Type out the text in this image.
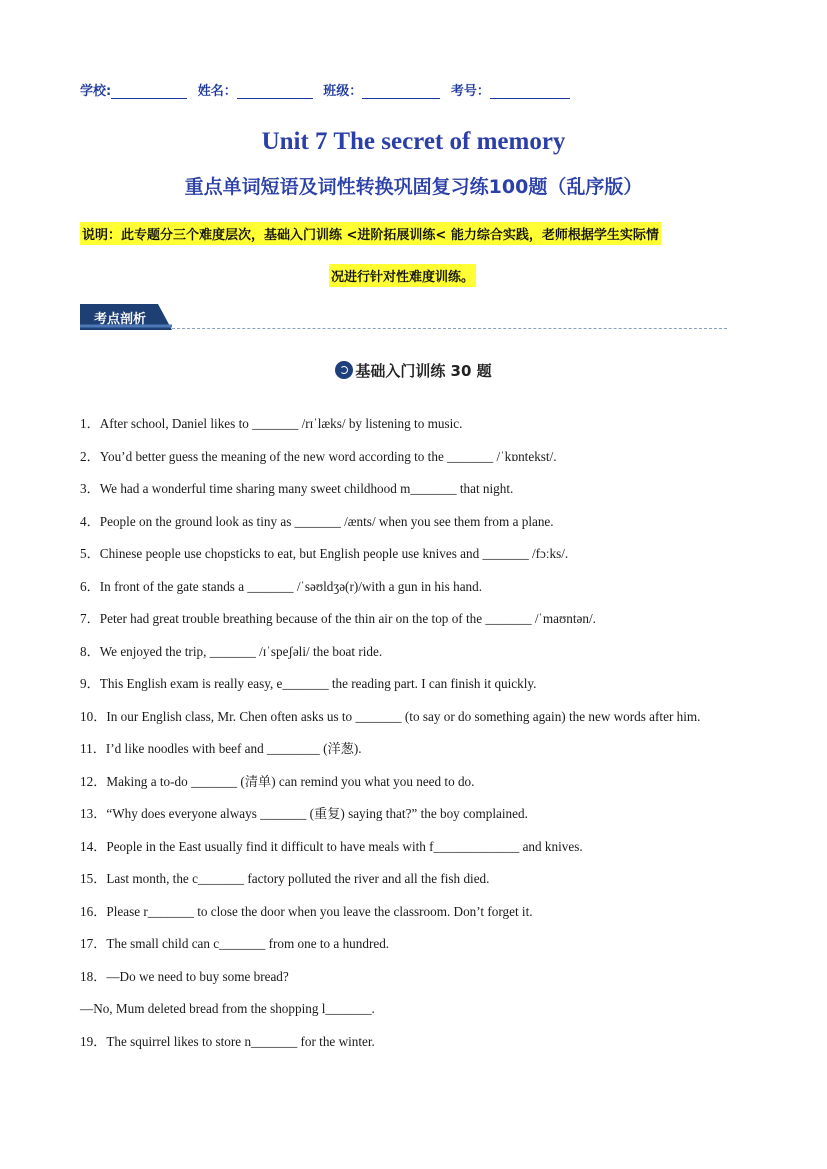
学校:	姓名：	班级：	考号：
Unit 7 The secret of memory
重点单词短语及词性转换巩固复习练100题（乱序版）
说明：此专题分三个难度层次，基础入门训练 <进阶拓展训练< 能力综合实践，老师根据学生实际情
况进行针对性难度训练。
考点剖析
基础入门训练 30 题

1．After school, Daniel likes to _______ /rɪˈlæks/ by listening to music.

2．You’d better guess the meaning of the new word according to the _______ /ˈkɒntekst/.

3．We had a wonderful time sharing many sweet childhood m_______ that night.

4．People on the ground look as tiny as _______ /ænts/ when you see them from a plane.

5．Chinese people use chopsticks to eat, but English people use knives and _______ /fɔːks/.

6．In front of the gate stands a _______ /ˈsəʊldʒə(r)/with a gun in his hand.

7．Peter had great trouble breathing because of the thin air on the top of the _______ /ˈmaʊntən/.

8．We enjoyed the trip, _______ /ɪˈspeʃəli/ the boat ride.

9．This English exam is really easy, e_______ the reading part. I can finish it quickly.

10．In our English class, Mr. Chen often asks us to _______ (to say or do something again) the new words after him.

11．I’d like noodles with beef and ________ (洋葱).

12．Making a to-do _______ (清单) can remind you what you need to do.

13．“Why does everyone always _______ (重复) saying that?” the boy complained.

14．People in the East usually find it difficult to have meals with f_____________ and knives.

15．Last month, the c_______ factory polluted the river and all the fish died.

16．Please r_______ to close the door when you leave the classroom. Don’t forget it.

17．The small child can c_______ from one to a hundred.

18．—Do we need to buy some bread?

—No, Mum deleted bread from the shopping l_______.

19．The squirrel likes to store n_______ for the winter.
